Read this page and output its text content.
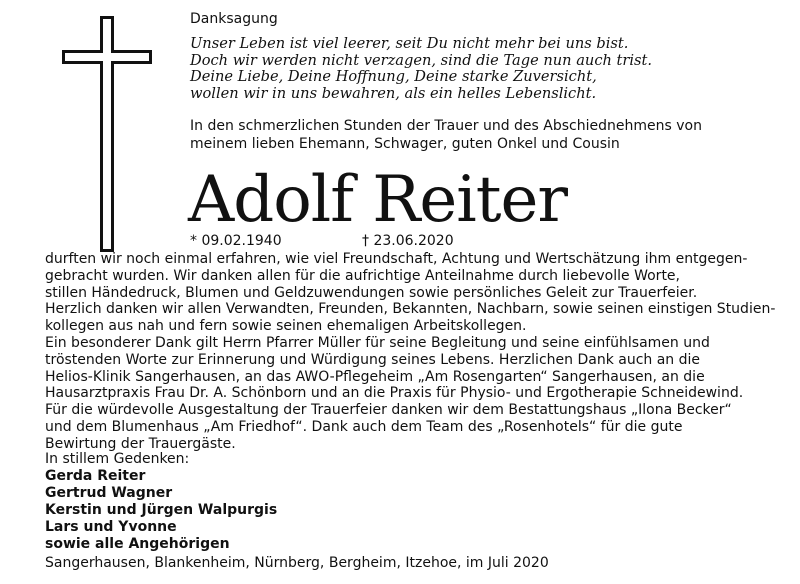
Danksagung
Unser Leben ist viel leerer, seit Du nicht mehr bei uns bist.
Doch wir werden nicht verzagen, sind die Tage nun auch trist.
Deine Liebe, Deine Hoffnung, Deine starke Zuversicht,
wollen wir in uns bewahren, als ein helles Lebenslicht.
In den schmerzlichen Stunden der Trauer und des Abschiednehmens von
meinem lieben Ehemann, Schwager, guten Onkel und Cousin
Adolf Reiter
* 09.02.1940	† 23.06.2020
durften wir noch einmal erfahren, wie viel Freundschaft, Achtung und Wertschätzung ihm entgegen-
gebracht wurden. Wir danken allen für die aufrichtige Anteilnahme durch liebevolle Worte,
stillen Händedruck, Blumen und Geldzuwendungen sowie persönliches Geleit zur Trauerfeier.
Herzlich danken wir allen Verwandten, Freunden, Bekannten, Nachbarn, sowie seinen einstigen Studien-
kollegen aus nah und fern sowie seinen ehemaligen Arbeitskollegen.
Ein besonderer Dank gilt Herrn Pfarrer Müller für seine Begleitung und seine einfühlsamen und
tröstenden Worte zur Erinnerung und Würdigung seines Lebens. Herzlichen Dank auch an die
Helios-Klinik Sangerhausen, an das AWO-Pflegeheim „Am Rosengarten“ Sangerhausen, an die
Hausarztpraxis Frau Dr. A. Schönborn und an die Praxis für Physio- und Ergotherapie Schneidewind.
Für die würdevolle Ausgestaltung der Trauerfeier danken wir dem Bestattungshaus „Ilona Becker“
und dem Blumenhaus „Am Friedhof“. Dank auch dem Team des „Rosenhotels“ für die gute
Bewirtung der Trauergäste.
In stillem Gedenken:
Gerda Reiter
Gertrud Wagner
Kerstin und Jürgen Walpurgis
Lars und Yvonne
sowie alle Angehörigen
Sangerhausen, Blankenheim, Nürnberg, Bergheim, Itzehoe, im Juli 2020
